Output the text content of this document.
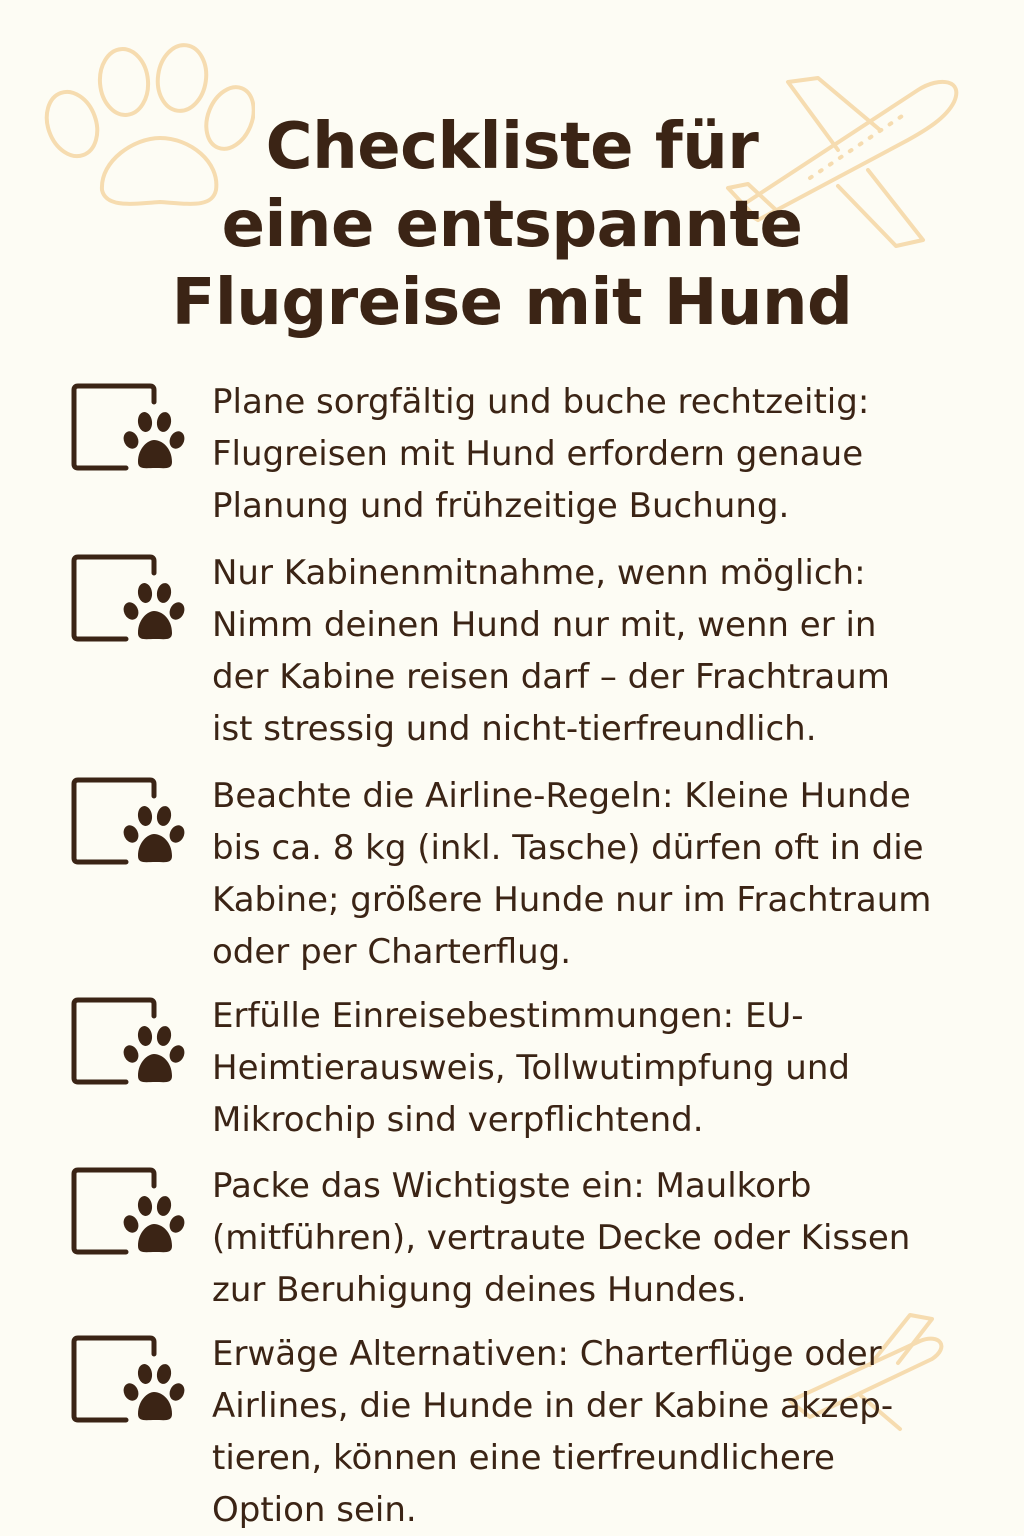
Checkliste für
eine entspannte
Flugreise mit Hund
Plane sorgfältig und buche rechtzeitig:
Flugreisen mit Hund erfordern genaue
Planung und frühzeitige Buchung.
Nur Kabinenmitnahme, wenn möglich:
Nimm deinen Hund nur mit, wenn er in
der Kabine reisen darf – der Frachtraum
ist stressig und nicht-tierfreundlich.
Beachte die Airline-Regeln: Kleine Hunde
bis ca. 8 kg (inkl. Tasche) dürfen oft in die
Kabine; größere Hunde nur im Frachtraum
oder per Charterflug.
Erfülle Einreisebestimmungen: EU-
Heimtierausweis, Tollwutimpfung und
Mikrochip sind verpflichtend.
Packe das Wichtigste ein: Maulkorb
(mitführen), vertraute Decke oder Kissen
zur Beruhigung deines Hundes.
Erwäge Alternativen: Charterflüge oder
Airlines, die Hunde in der Kabine akzep-
tieren, können eine tierfreundlichere
Option sein.
